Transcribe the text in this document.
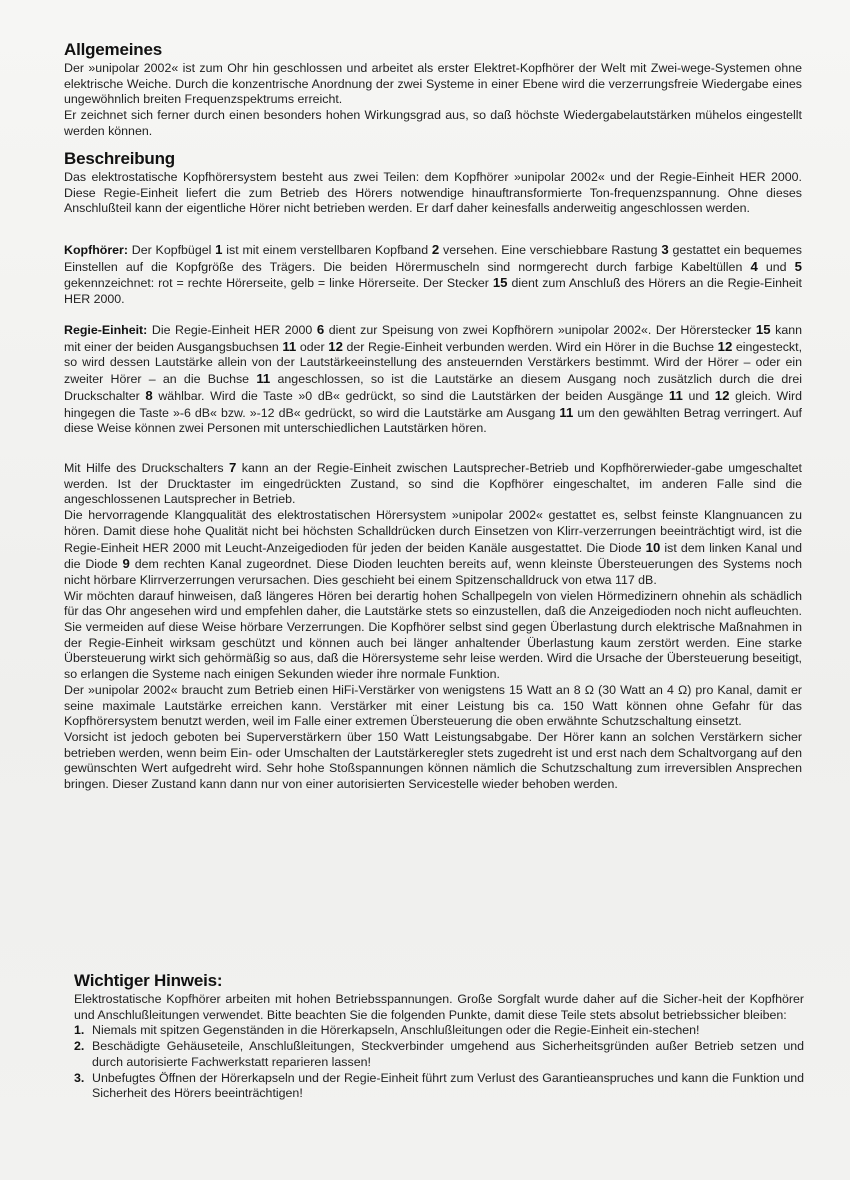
Allgemeines

Der »unipolar 2002« ist zum Ohr hin geschlossen und arbeitet als erster Elektret-Kopfhörer der Welt mit Zwei-wege-Systemen ohne elektrische Weiche. Durch die konzentrische Anordnung der zwei Systeme in einer Ebene wird die verzerrungsfreie Wiedergabe eines ungewöhnlich breiten Frequenzspektrums erreicht.

Er zeichnet sich ferner durch einen besonders hohen Wirkungsgrad aus, so daß höchste Wiedergabelautstärken mühelos eingestellt werden können.

Beschreibung

Das elektrostatische Kopfhörersystem besteht aus zwei Teilen: dem Kopfhörer »unipolar 2002« und der Regie-Einheit HER 2000. Diese Regie-Einheit liefert die zum Betrieb des Hörers notwendige hinauftransformierte Ton-frequenzspannung. Ohne dieses Anschlußteil kann der eigentliche Hörer nicht betrieben werden. Er darf daher keinesfalls anderweitig angeschlossen werden.

Kopfhörer: Der Kopfbügel 1 ist mit einem verstellbaren Kopfband 2 versehen. Eine verschiebbare Rastung 3 gestattet ein bequemes Einstellen auf die Kopfgröße des Trägers. Die beiden Hörermuscheln sind normgerecht durch farbige Kabeltüllen 4 und 5 gekennzeichnet: rot = rechte Hörerseite, gelb = linke Hörerseite. Der Stecker 15 dient zum Anschluß des Hörers an die Regie-Einheit HER 2000.

Regie-Einheit: Die Regie-Einheit HER 2000 6 dient zur Speisung von zwei Kopfhörern »unipolar 2002«. Der Hörerstecker 15 kann mit einer der beiden Ausgangsbuchsen 11 oder 12 der Regie-Einheit verbunden werden. Wird ein Hörer in die Buchse 12 eingesteckt, so wird dessen Lautstärke allein von der Lautstärkeeinstellung des ansteuernden Verstärkers bestimmt. Wird der Hörer – oder ein zweiter Hörer – an die Buchse 11 angeschlossen, so ist die Lautstärke an diesem Ausgang noch zusätzlich durch die drei Druckschalter 8 wählbar. Wird die Taste »0 dB« gedrückt, so sind die Lautstärken der beiden Ausgänge 11 und 12 gleich. Wird hingegen die Taste »-6 dB« bzw. »-12 dB« gedrückt, so wird die Lautstärke am Ausgang 11 um den gewählten Betrag verringert. Auf diese Weise können zwei Personen mit unterschiedlichen Lautstärken hören.

Mit Hilfe des Druckschalters 7 kann an der Regie-Einheit zwischen Lautsprecher-Betrieb und Kopfhörerwieder-gabe umgeschaltet werden. Ist der Drucktaster im eingedrückten Zustand, so sind die Kopfhörer eingeschaltet, im anderen Falle sind die angeschlossenen Lautsprecher in Betrieb.

Die hervorragende Klangqualität des elektrostatischen Hörersystem »unipolar 2002« gestattet es, selbst feinste Klangnuancen zu hören. Damit diese hohe Qualität nicht bei höchsten Schalldrücken durch Einsetzen von Klirr-verzerrungen beeinträchtigt wird, ist die Regie-Einheit HER 2000 mit Leucht-Anzeigedioden für jeden der beiden Kanäle ausgestattet. Die Diode 10 ist dem linken Kanal und die Diode 9 dem rechten Kanal zugeordnet. Diese Dioden leuchten bereits auf, wenn kleinste Übersteuerungen des Systems noch nicht hörbare Klirrverzerrungen verursachen. Dies geschieht bei einem Spitzenschalldruck von etwa 117 dB.

Wir möchten darauf hinweisen, daß längeres Hören bei derartig hohen Schallpegeln von vielen Hörmedizinern ohnehin als schädlich für das Ohr angesehen wird und empfehlen daher, die Lautstärke stets so einzustellen, daß die Anzeigedioden noch nicht aufleuchten. Sie vermeiden auf diese Weise hörbare Verzerrungen. Die Kopfhörer selbst sind gegen Überlastung durch elektrische Maßnahmen in der Regie-Einheit wirksam geschützt und können auch bei länger anhaltender Überlastung kaum zerstört werden. Eine starke Übersteuerung wirkt sich gehörmäßig so aus, daß die Hörersysteme sehr leise werden. Wird die Ursache der Übersteuerung beseitigt, so erlangen die Systeme nach einigen Sekunden wieder ihre normale Funktion.

Der »unipolar 2002« braucht zum Betrieb einen HiFi-Verstärker von wenigstens 15 Watt an 8 Ω (30 Watt an 4 Ω) pro Kanal, damit er seine maximale Lautstärke erreichen kann. Verstärker mit einer Leistung bis ca. 150 Watt können ohne Gefahr für das Kopfhörersystem benutzt werden, weil im Falle einer extremen Übersteuerung die oben erwähnte Schutzschaltung einsetzt.

Vorsicht ist jedoch geboten bei Superverstärkern über 150 Watt Leistungsabgabe. Der Hörer kann an solchen Verstärkern sicher betrieben werden, wenn beim Ein- oder Umschalten der Lautstärkeregler stets zugedreht ist und erst nach dem Schaltvorgang auf den gewünschten Wert aufgedreht wird. Sehr hohe Stoßspannungen können nämlich die Schutzschaltung zum irreversiblen Ansprechen bringen. Dieser Zustand kann dann nur von einer autorisierten Servicestelle wieder behoben werden.

Wichtiger Hinweis:

Elektrostatische Kopfhörer arbeiten mit hohen Betriebsspannungen. Große Sorgfalt wurde daher auf die Sicher-heit der Kopfhörer und Anschlußleitungen verwendet. Bitte beachten Sie die folgenden Punkte, damit diese Teile stets absolut betriebssicher bleiben:

1. Niemals mit spitzen Gegenständen in die Hörerkapseln, Anschlußleitungen oder die Regie-Einheit ein-stechen!
2. Beschädigte Gehäuseteile, Anschlußleitungen, Steckverbinder umgehend aus Sicherheitsgründen außer Betrieb setzen und durch autorisierte Fachwerkstatt reparieren lassen!
3. Unbefugtes Öffnen der Hörerkapseln und der Regie-Einheit führt zum Verlust des Garantieanspruches und kann die Funktion und Sicherheit des Hörers beeinträchtigen!
